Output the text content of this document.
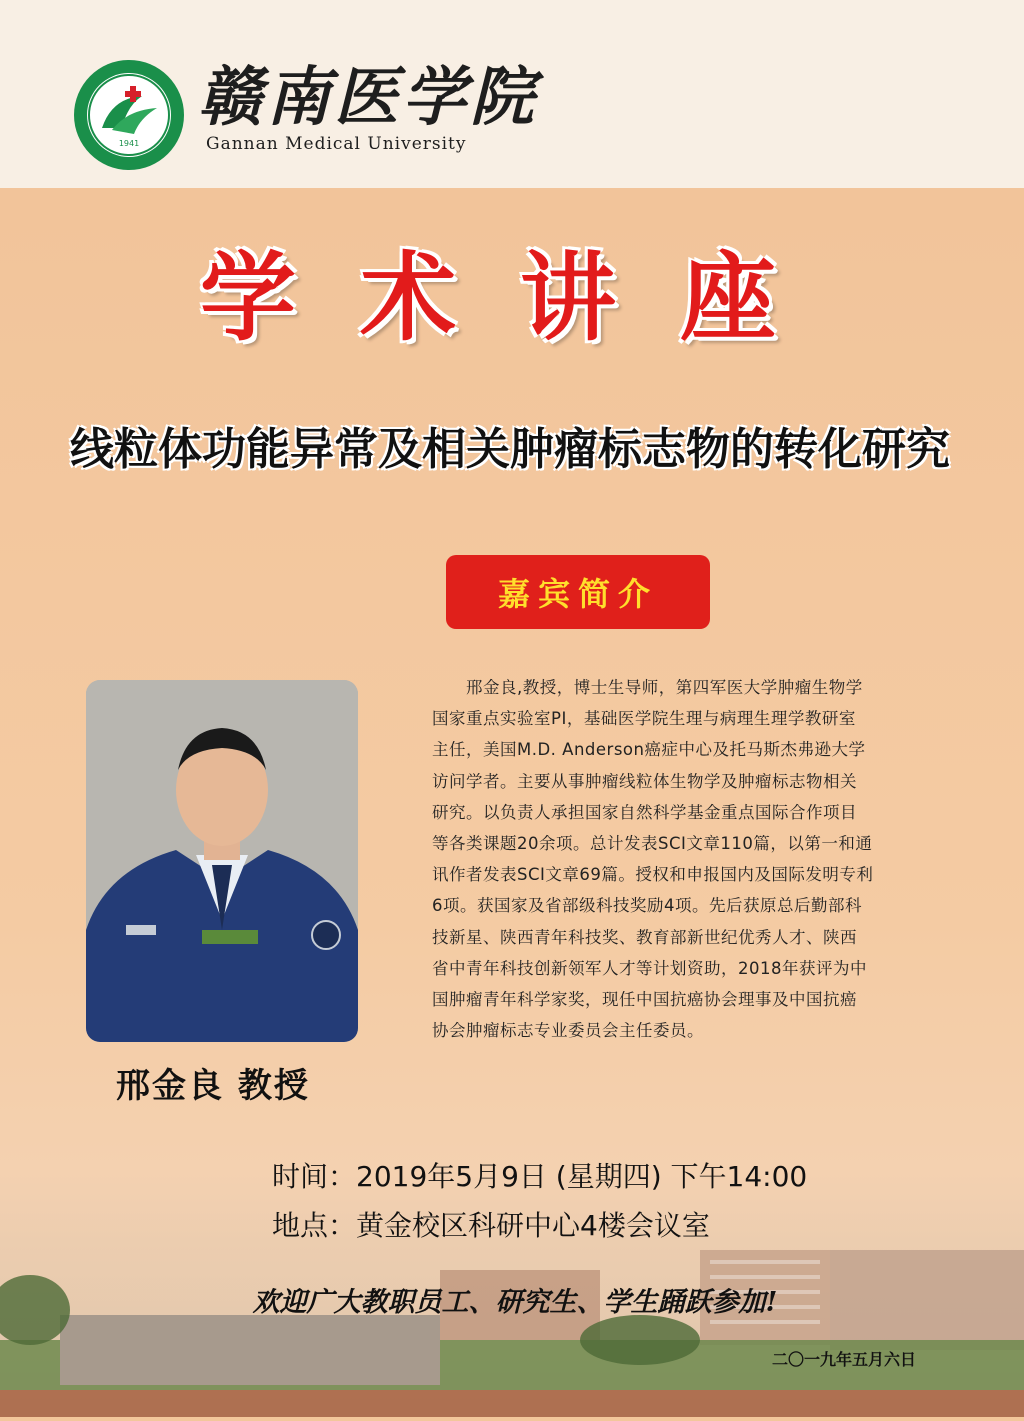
1941
赣南医学院
Gannan Medical University
学术讲座
线粒体功能异常及相关肿瘤标志物的转化研究
嘉宾简介
邢金良 教授
　　邢金良,教授，博士生导师，第四军医大学肿瘤生物学
国家重点实验室PI，基础医学院生理与病理生理学教研室
主任，美国M.D. Anderson癌症中心及托马斯杰弗逊大学
访问学者。主要从事肿瘤线粒体生物学及肿瘤标志物相关
研究。以负责人承担国家自然科学基金重点国际合作项目
等各类课题20余项。总计发表SCI文章110篇，以第一和通
讯作者发表SCI文章69篇。授权和申报国内及国际发明专利
6项。获国家及省部级科技奖励4项。先后获原总后勤部科
技新星、陕西青年科技奖、教育部新世纪优秀人才、陕西
省中青年科技创新领军人才等计划资助，2018年获评为中
国肿瘤青年科学家奖，现任中国抗癌协会理事及中国抗癌
协会肿瘤标志专业委员会主任委员。
时间：2019年5月9日 (星期四) 下午14:00
地点：黄金校区科研中心4楼会议室
欢迎广大教职员工、研究生、学生踊跃参加!
二〇一九年五月六日
